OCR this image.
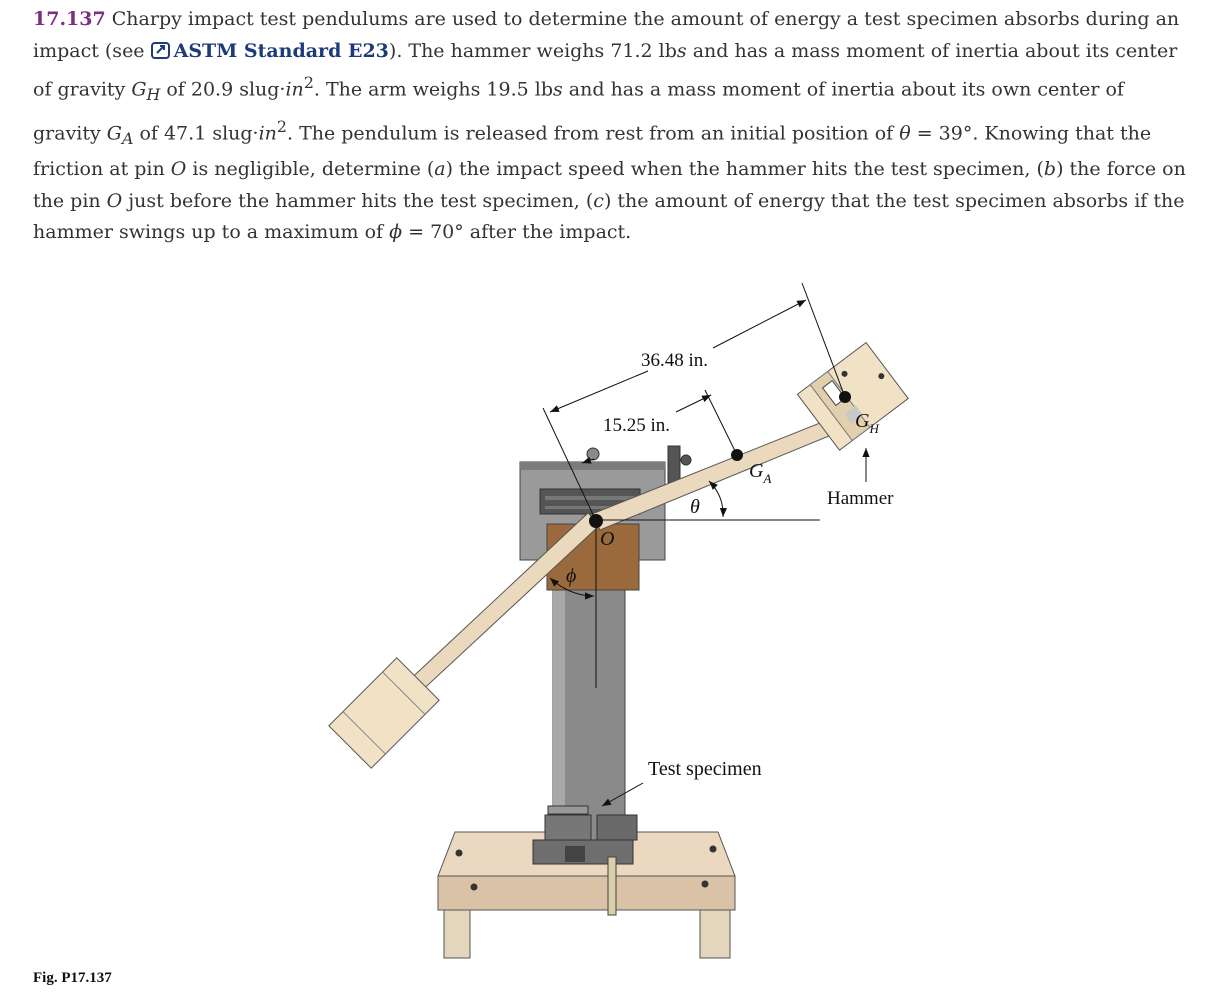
17.137 Charpy impact test pendulums are used to determine the amount of energy a test specimen absorbs during an impact (see ASTM Standard E23). The hammer weighs 71.2 lbs and has a mass moment of inertia about its center of gravity $G_H$ of 20.9 $slug\cdot in^2$. The arm weighs 19.5 lbs and has a mass moment of inertia about its own center of gravity $G_A$ of 47.1 $slug\cdot in^2$. The pendulum is released from rest from an initial position of θ = 39°. Knowing that the friction at pin O is negligible, determine (a) the impact speed when the hammer hits the test specimen, (b) the force on the pin O just before the hammer hits the test specimen, (c) the amount of energy that the test specimen absorbs if the hammer swings up to a maximum of ϕ = 70° after the impact.
36.48 in.
15.25 in.
θ
ϕ
O
$G_A$
$G_H$
Hammer
Test specimen
Fig. P17.137
